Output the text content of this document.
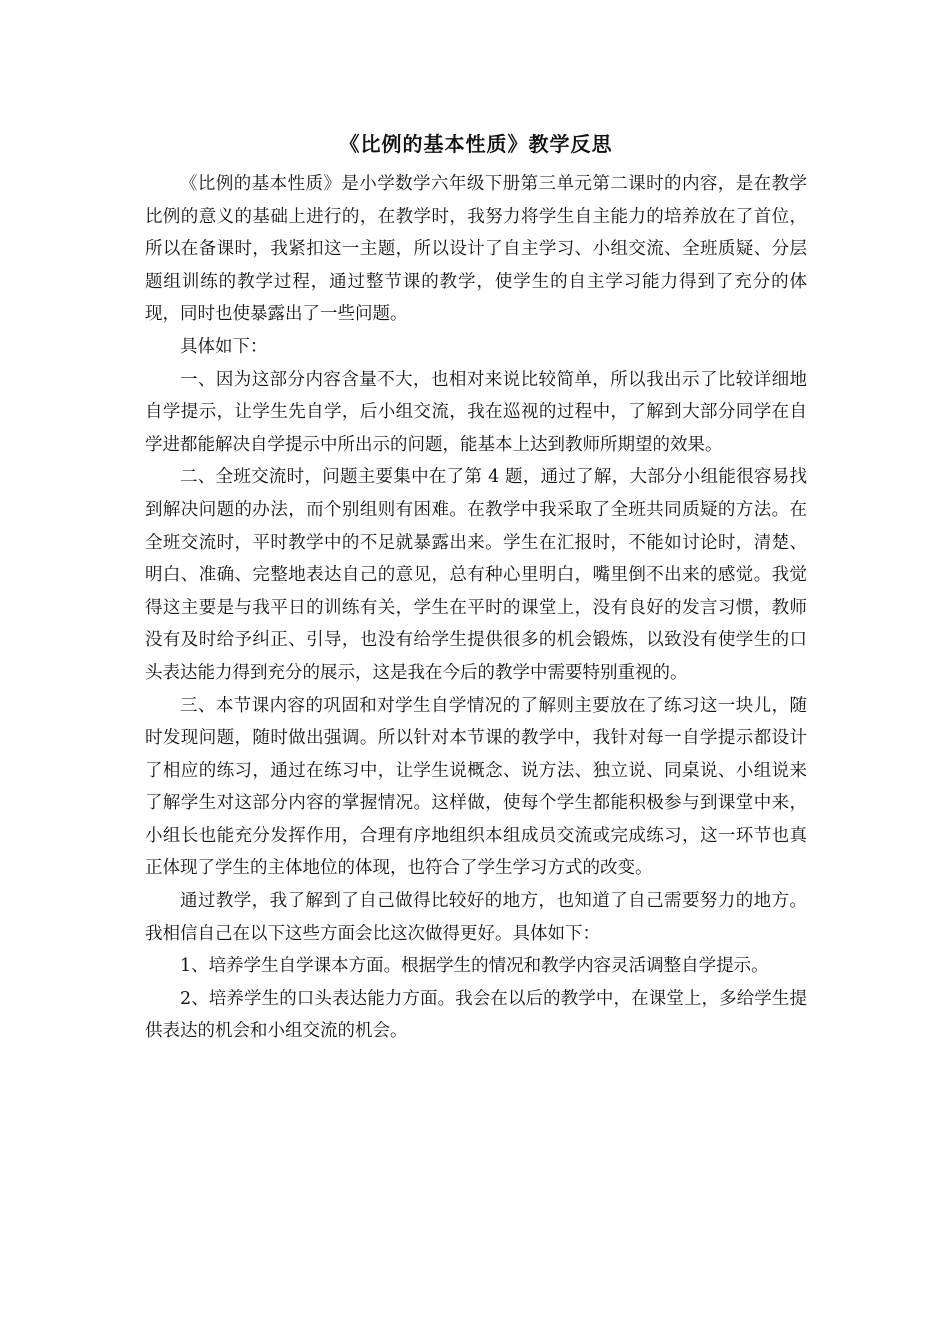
《比例的基本性质》教学反思

《比例的基本性质》是小学数学六年级下册第三单元第二课时的内容，是在教学比例的意义的基础上进行的，在教学时，我努力将学生自主能力的培养放在了首位，所以在备课时，我紧扣这一主题，所以设计了自主学习、小组交流、全班质疑、分层题组训练的教学过程，通过整节课的教学，使学生的自主学习能力得到了充分的体现，同时也使暴露出了一些问题。

具体如下：

一、因为这部分内容含量不大，也相对来说比较简单，所以我出示了比较详细地自学提示，让学生先自学，后小组交流，我在巡视的过程中，了解到大部分同学在自学进都能解决自学提示中所出示的问题，能基本上达到教师所期望的效果。

二、全班交流时，问题主要集中在了第 4 题，通过了解，大部分小组能很容易找到解决问题的办法，而个别组则有困难。在教学中我采取了全班共同质疑的方法。在全班交流时，平时教学中的不足就暴露出来。学生在汇报时，不能如讨论时，清楚、明白、准确、完整地表达自己的意见，总有种心里明白，嘴里倒不出来的感觉。我觉得这主要是与我平日的训练有关，学生在平时的课堂上，没有良好的发言习惯，教师没有及时给予纠正、引导，也没有给学生提供很多的机会锻炼，以致没有使学生的口头表达能力得到充分的展示，这是我在今后的教学中需要特别重视的。

三、本节课内容的巩固和对学生自学情况的了解则主要放在了练习这一块儿，随时发现问题，随时做出强调。所以针对本节课的教学中，我针对每一自学提示都设计了相应的练习，通过在练习中，让学生说概念、说方法、独立说、同桌说、小组说来了解学生对这部分内容的掌握情况。这样做，使每个学生都能积极参与到课堂中来，小组长也能充分发挥作用，合理有序地组织本组成员交流或完成练习，这一环节也真正体现了学生的主体地位的体现，也符合了学生学习方式的改变。

通过教学，我了解到了自己做得比较好的地方，也知道了自己需要努力的地方。我相信自己在以下这些方面会比这次做得更好。具体如下：

1、培养学生自学课本方面。根据学生的情况和教学内容灵活调整自学提示。

2、培养学生的口头表达能力方面。我会在以后的教学中，在课堂上，多给学生提供表达的机会和小组交流的机会。
